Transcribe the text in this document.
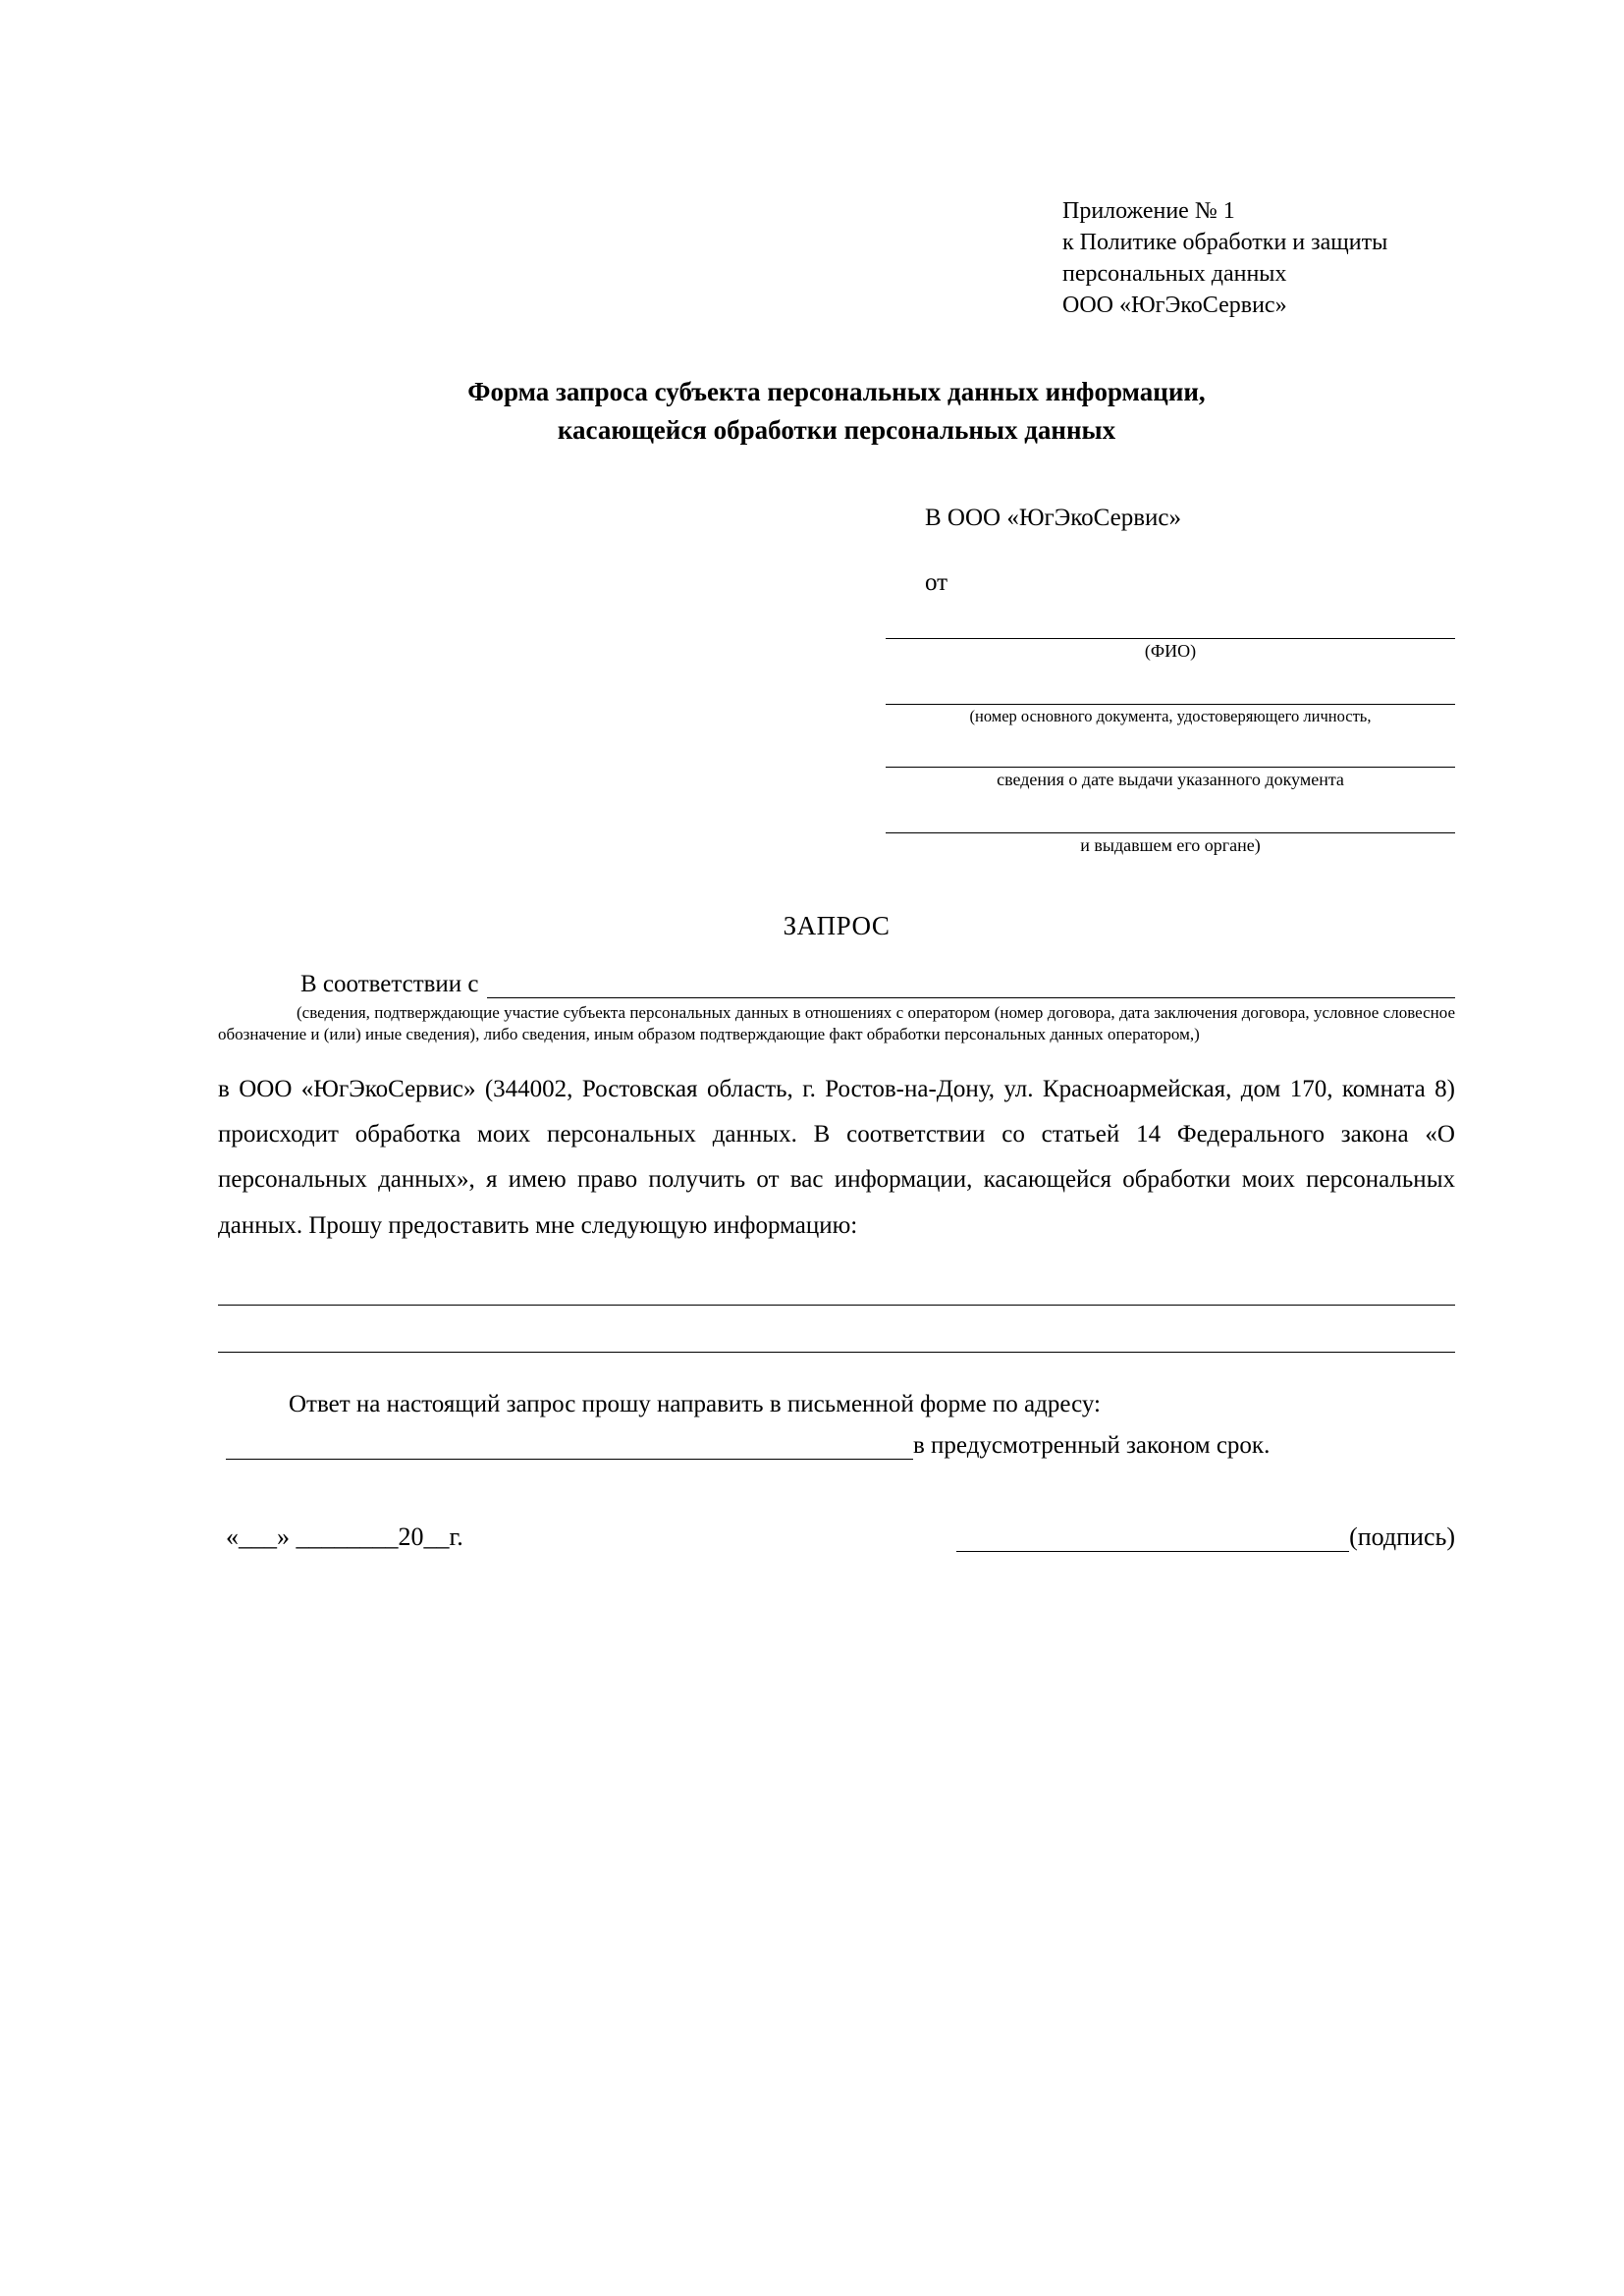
Приложение № 1
к Политике обработки и защиты
персональных данных
ООО «ЮгЭкоСервис»
Форма запроса субъекта персональных данных информации,
касающейся обработки персональных данных
В ООО «ЮгЭкоСервис»
от
(ФИО)
(номер основного документа, удостоверяющего личность,
сведения о дате выдачи указанного документа
и выдавшем его органе)
ЗАПРОС
В соответствии с
(сведения, подтверждающие участие субъекта персональных данных в отношениях с оператором (номер договора, дата заключения договора, условное словесное обозначение и (или) иные сведения), либо сведения, иным образом подтверждающие факт обработки персональных данных оператором,)
в ООО «ЮгЭкоСервис» (344002, Ростовская область, г. Ростов-на-Дону, ул. Красноармейская, дом 170, комната 8) происходит обработка моих персональных данных. В соответствии со статьей 14 Федерального закона «О персональных данных», я имею право получить от вас информации, касающейся обработки моих персональных данных. Прошу предоставить мне следующую информацию:
Ответ на настоящий запрос прошу направить в письменной форме по адресу:
в предусмотренный законом срок.
«___» ________20__г.	(подпись)
